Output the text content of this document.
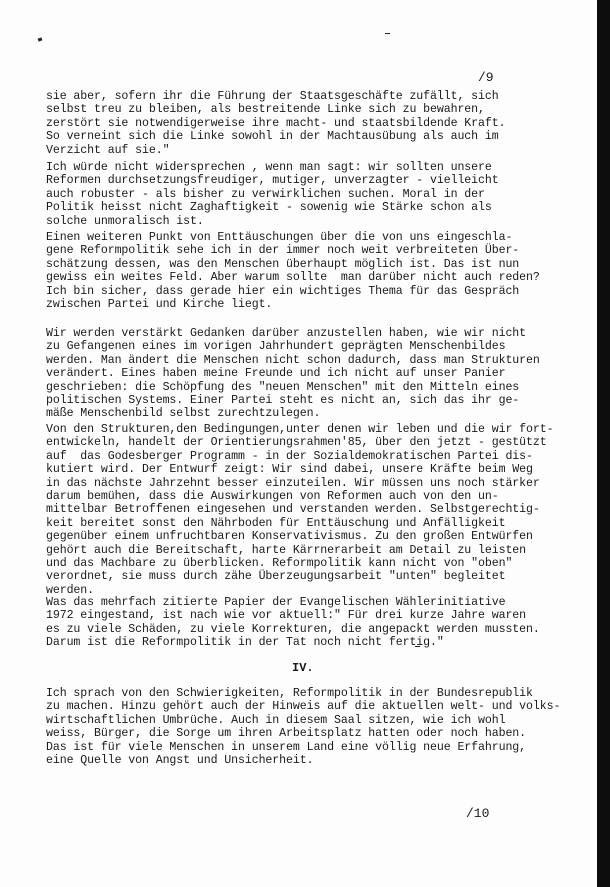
/9

sie aber, sofern ihr die Führung der Staatsgeschäfte zufällt, sich
selbst treu zu bleiben, als bestreitende Linke sich zu bewahren,
zerstört sie notwendigerweise ihre macht- und staatsbildende Kraft.
So verneint sich die Linke sowohl in der Machtausübung als auch im
Verzicht auf sie."

Ich würde nicht widersprechen , wenn man sagt: wir sollten unsere
Reformen durchsetzungsfreudiger, mutiger, unverzagter - vielleicht
auch robuster - als bisher zu verwirklichen suchen. Moral in der
Politik heisst nicht Zaghaftigkeit - sowenig wie Stärke schon als
solche unmoralisch ist.

Einen weiteren Punkt von Enttäuschungen über die von uns eingeschla-
gene Reformpolitik sehe ich in der immer noch weit verbreiteten Über-
schätzung dessen, was den Menschen überhaupt möglich ist. Das ist nun
gewiss ein weites Feld. Aber warum sollte  man darüber nicht auch reden?
Ich bin sicher, dass gerade hier ein wichtiges Thema für das Gespräch
zwischen Partei und Kirche liegt.

Wir werden verstärkt Gedanken darüber anzustellen haben, wie wir nicht
zu Gefangenen eines im vorigen Jahrhundert geprägten Menschenbildes
werden. Man ändert die Menschen nicht schon dadurch, dass man Strukturen
verändert. Eines haben meine Freunde und ich nicht auf unser Panier
geschrieben: die Schöpfung des "neuen Menschen" mit den Mitteln eines
politischen Systems. Einer Partei steht es nicht an, sich das ihr ge-
mäße Menschenbild selbst zurechtzulegen.

Von den Strukturen,den Bedingungen,unter denen wir leben und die wir fort-
entwickeln, handelt der Orientierungsrahmen'85, über den jetzt - gestützt
auf  das Godesberger Programm - in der Sozialdemokratischen Partei dis-
kutiert wird. Der Entwurf zeigt: Wir sind dabei, unsere Kräfte beim Weg
in das nächste Jahrzehnt besser einzuteilen. Wir müssen uns noch stärker
darum bemühen, dass die Auswirkungen von Reformen auch von den un-
mittelbar Betroffenen eingesehen und verstanden werden. Selbstgerechtig-
keit bereitet sonst den Nährboden für Enttäuschung und Anfälligkeit
gegenüber einem unfruchtbaren Konservativismus. Zu den großen Entwürfen
gehört auch die Bereitschaft, harte Kärrnerarbeit am Detail zu leisten
und das Machbare zu überblicken. Reformpolitik kann nicht von "oben"
verordnet, sie muss durch zähe Überzeugungsarbeit "unten" begleitet
werden.

Was das mehrfach zitierte Papier der Evangelischen Wählerinitiative
1972 eingestand, ist nach wie vor aktuell:" Für drei kurze Jahre waren
es zu viele Schäden, zu viele Korrekturen, die angepackt werden mussten.
Darum ist die Reformpolitik in der Tat noch nicht fertig."

IV.

Ich sprach von den Schwierigkeiten, Reformpolitik in der Bundesrepublik
zu machen. Hinzu gehört auch der Hinweis auf die aktuellen welt- und volks-
wirtschaftlichen Umbrüche. Auch in diesem Saal sitzen, wie ich wohl
weiss, Bürger, die Sorge um ihren Arbeitsplatz hatten oder noch haben.
Das ist für viele Menschen in unserem Land eine völlig neue Erfahrung,
eine Quelle von Angst und Unsicherheit.

/10
